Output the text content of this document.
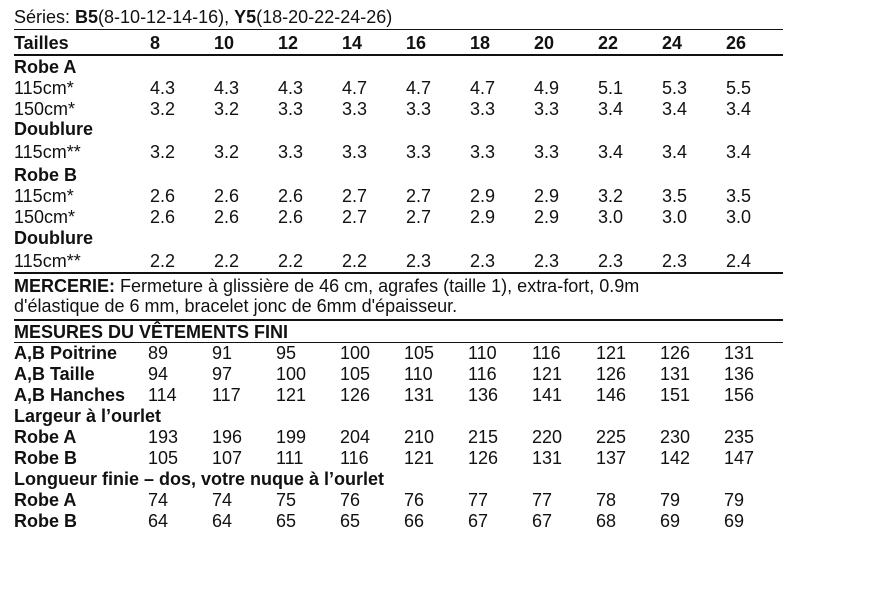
Séries: B5(8-10-12-14-16), Y5(18-20-22-24-26)
Tailles	8	10 12 14 16 18 20 22 24 26
Robe A
115cm*	4.3 4.3 4.3 4.7 4.7 4.7 4.9 5.1 5.3 5.5
150cm*	3.2 3.2 3.3 3.3 3.3 3.3 3.3 3.4 3.4 3.4
Doublure
115cm**	3.2 3.2 3.3 3.3 3.3 3.3 3.3 3.4 3.4 3.4
Robe B
115cm*	2.6 2.6 2.6 2.7 2.7 2.9 2.9 3.2 3.5 3.5
150cm*	2.6 2.6 2.6 2.7 2.7 2.9 2.9 3.0 3.0 3.0
Doublure
115cm**	2.2 2.2 2.2 2.2 2.3 2.3 2.3 2.3 2.3 2.4
MERCERIE: Fermeture à glissière de 46 cm, agrafes (taille 1), extra-fort, 0.9m
d'élastique de 6 mm, bracelet jonc de 6mm d'épaisseur.
MESURES DU VÊTEMENTS FINI
A,B Poitrine 89 91 95 100 105 110 116 121 126 131
A,B Taille	94 97 100 105 110 116 121 126 131 136
A,B Hanches 114 117 121 126 131 136 141 146 151 156
Largeur à l’ourlet
Robe A	193 196 199 204 210 215 220 225 230 235
Robe B	105 107 111 116 121 126 131 137 142 147
Longueur finie – dos, votre nuque à l’ourlet
Robe A	74 74 75 76 76 77 77 78 79 79
Robe B	64 64 65 65 66 67 67 68 69 69
